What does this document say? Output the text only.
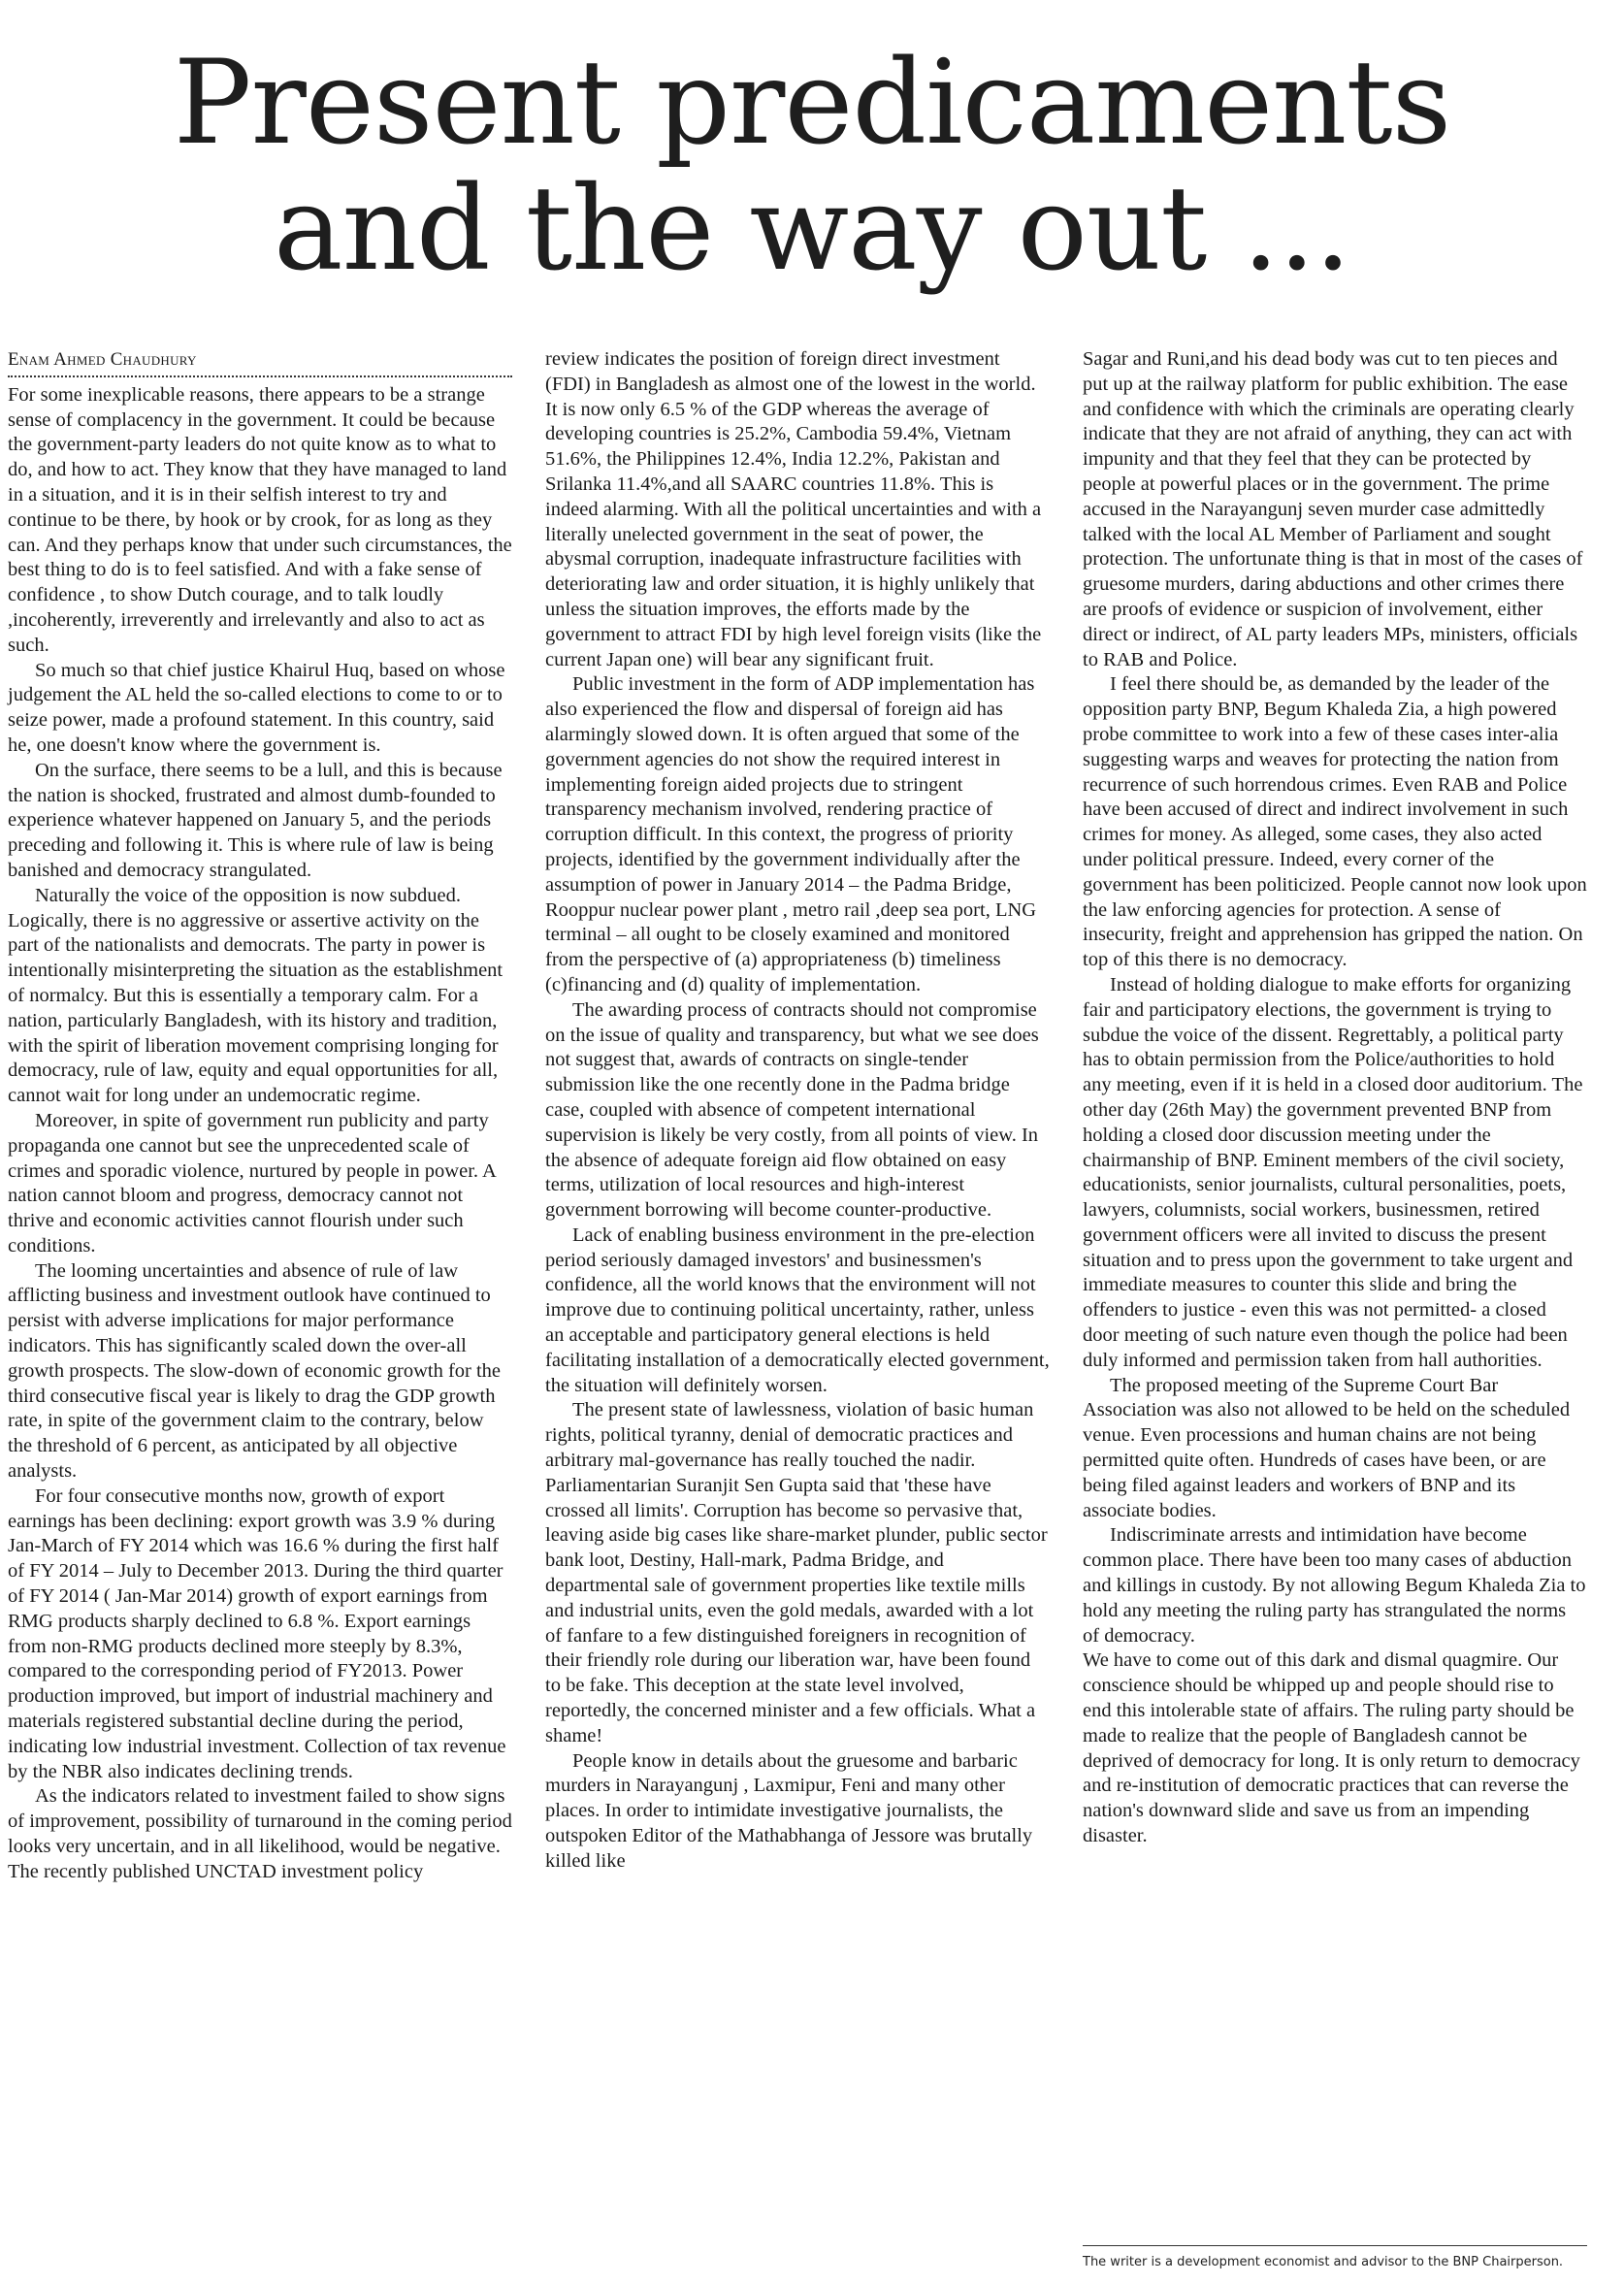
Present predicaments
and the way out ...
Enam Ahmed Chaudhury

For some inexplicable reasons, there appears to be a strange sense of complacency in the government. It could be because the government-party leaders do not quite know as to what to do, and how to act. They know that they have managed to land in a situation, and it is in their selfish interest to try and continue to be there, by hook or by crook, for as long as they can. And they perhaps know that under such circumstances, the best thing to do is to feel satisfied. And with a fake sense of confidence , to show Dutch courage, and to talk loudly ,incoherently, irreverently and irrelevantly and also to act as such.

So much so that chief justice Khairul Huq, based on whose judgement the AL held the so-called elections to come to or to seize power, made a profound statement. In this country, said he, one doesn't know where the government is.

On the surface, there seems to be a lull, and this is because the nation is shocked, frustrated and almost dumb-founded to experience whatever happened on January 5, and the periods preceding and following it. This is where rule of law is being banished and democracy strangulated.

Naturally the voice of the opposition is now subdued. Logically, there is no aggressive or assertive activity on the part of the nationalists and democrats. The party in power is intentionally misinterpreting the situation as the establishment of normalcy. But this is essentially a temporary calm. For a nation, particularly Bangladesh, with its history and tradition, with the spirit of liberation movement comprising longing for democracy, rule of law, equity and equal opportunities for all, cannot wait for long under an undemocratic regime.

Moreover, in spite of government run publicity and party propaganda one cannot but see the unprecedented scale of crimes and sporadic violence, nurtured by people in power. A nation cannot bloom and progress, democracy cannot not thrive and economic activities cannot flourish under such conditions.

The looming uncertainties and absence of rule of law afflicting business and investment outlook have continued to persist with adverse implications for major performance indicators. This has significantly scaled down the over-all growth prospects. The slow-down of economic growth for the third consecutive fiscal year is likely to drag the GDP growth rate, in spite of the government claim to the contrary, below the threshold of 6 percent, as anticipated by all objective analysts.

For four consecutive months now, growth of export earnings has been declining: export growth was 3.9 % during Jan-March of FY 2014 which was 16.6 % during the first half of FY 2014 – July to December 2013. During the third quarter of FY 2014 ( Jan-Mar 2014) growth of export earnings from RMG products sharply declined to 6.8 %. Export earnings from non-RMG products declined more steeply by 8.3%, compared to the corresponding period of FY2013. Power production improved, but import of industrial machinery and materials registered substantial decline during the period, indicating low industrial investment. Collection of tax revenue by the NBR also indicates declining trends.

As the indicators related to investment failed to show signs of improvement, possibility of turnaround in the coming period looks very uncertain, and in all likelihood, would be negative. The recently published UNCTAD investment policy

review indicates the position of foreign direct investment (FDI) in Bangladesh as almost one of the lowest in the world. It is now only 6.5 % of the GDP whereas the average of developing countries is 25.2%, Cambodia 59.4%, Vietnam 51.6%, the Philippines 12.4%, India 12.2%, Pakistan and Srilanka 11.4%,and all SAARC countries 11.8%. This is indeed alarming. With all the political uncertainties and with a literally unelected government in the seat of power, the abysmal corruption, inadequate infrastructure facilities with deteriorating law and order situation, it is highly unlikely that unless the situation improves, the efforts made by the government to attract FDI by high level foreign visits (like the current Japan one) will bear any significant fruit.

Public investment in the form of ADP implementation has also experienced the flow and dispersal of foreign aid has alarmingly slowed down. It is often argued that some of the government agencies do not show the required interest in implementing foreign aided projects due to stringent transparency mechanism involved, rendering practice of corruption difficult. In this context, the progress of priority projects, identified by the government individually after the assumption of power in January 2014 – the Padma Bridge, Rooppur nuclear power plant , metro rail ,deep sea port, LNG terminal – all ought to be closely examined and monitored from the perspective of (a) appropriateness (b) timeliness (c)financing and (d) quality of implementation.

The awarding process of contracts should not compromise on the issue of quality and transparency, but what we see does not suggest that, awards of contracts on single-tender submission like the one recently done in the Padma bridge case, coupled with absence of competent international supervision is likely be very costly, from all points of view. In the absence of adequate foreign aid flow obtained on easy terms, utilization of local resources and high-interest government borrowing will become counter-productive.

Lack of enabling business environment in the pre-election period seriously damaged investors' and businessmen's confidence, all the world knows that the environment will not improve due to continuing political uncertainty, rather, unless an acceptable and participatory general elections is held facilitating installation of a democratically elected government, the situation will definitely worsen.

The present state of lawlessness, violation of basic human rights, political tyranny, denial of democratic practices and arbitrary mal-governance has really touched the nadir. Parliamentarian Suranjit Sen Gupta said that 'these have crossed all limits'. Corruption has become so pervasive that, leaving aside big cases like share-market plunder, public sector bank loot, Destiny, Hall-mark, Padma Bridge, and departmental sale of government properties like textile mills and industrial units, even the gold medals, awarded with a lot of fanfare to a few distinguished foreigners in recognition of their friendly role during our liberation war, have been found to be fake. This deception at the state level involved, reportedly, the concerned minister and a few officials. What a shame!

People know in details about the gruesome and barbaric murders in Narayangunj , Laxmipur, Feni and many other places. In order to intimidate investigative journalists, the outspoken Editor of the Mathabhanga of Jessore was brutally killed like

Sagar and Runi,and his dead body was cut to ten pieces and put up at the railway platform for public exhibition. The ease and confidence with which the criminals are operating clearly indicate that they are not afraid of anything, they can act with impunity and that they feel that they can be protected by people at powerful places or in the government. The prime accused in the Narayangunj seven murder case admittedly talked with the local AL Member of Parliament and sought protection. The unfortunate thing is that in most of the cases of gruesome murders, daring abductions and other crimes there are proofs of evidence or suspicion of involvement, either direct or indirect, of AL party leaders MPs, ministers, officials to RAB and Police.

I feel there should be, as demanded by the leader of the opposition party BNP, Begum Khaleda Zia, a high powered probe committee to work into a few of these cases inter-alia suggesting warps and weaves for protecting the nation from recurrence of such horrendous crimes. Even RAB and Police have been accused of direct and indirect involvement in such crimes for money. As alleged, some cases, they also acted under political pressure. Indeed, every corner of the government has been politicized. People cannot now look upon the law enforcing agencies for protection. A sense of insecurity, freight and apprehension has gripped the nation. On top of this there is no democracy.

Instead of holding dialogue to make efforts for organizing fair and participatory elections, the government is trying to subdue the voice of the dissent. Regrettably, a political party has to obtain permission from the Police/authorities to hold any meeting, even if it is held in a closed door auditorium. The other day (26th May) the government prevented BNP from holding a closed door discussion meeting under the chairmanship of BNP. Eminent members of the civil society, educationists, senior journalists, cultural personalities, poets, lawyers, columnists, social workers, businessmen, retired government officers were all invited to discuss the present situation and to press upon the government to take urgent and immediate measures to counter this slide and bring the offenders to justice - even this was not permitted- a closed door meeting of such nature even though the police had been duly informed and permission taken from hall authorities.

The proposed meeting of the Supreme Court Bar Association was also not allowed to be held on the scheduled venue. Even processions and human chains are not being permitted quite often. Hundreds of cases have been, or are being filed against leaders and workers of BNP and its associate bodies.

Indiscriminate arrests and intimidation have become common place. There have been too many cases of abduction and killings in custody. By not allowing Begum Khaleda Zia to hold any meeting the ruling party has strangulated the norms of democracy.

We have to come out of this dark and dismal quagmire. Our conscience should be whipped up and people should rise to end this intolerable state of affairs. The ruling party should be made to realize that the people of Bangladesh cannot be deprived of democracy for long. It is only return to democracy and re-institution of democratic practices that can reverse the nation's downward slide and save us from an impending disaster.

The writer is a development economist and advisor to the BNP Chairperson.
